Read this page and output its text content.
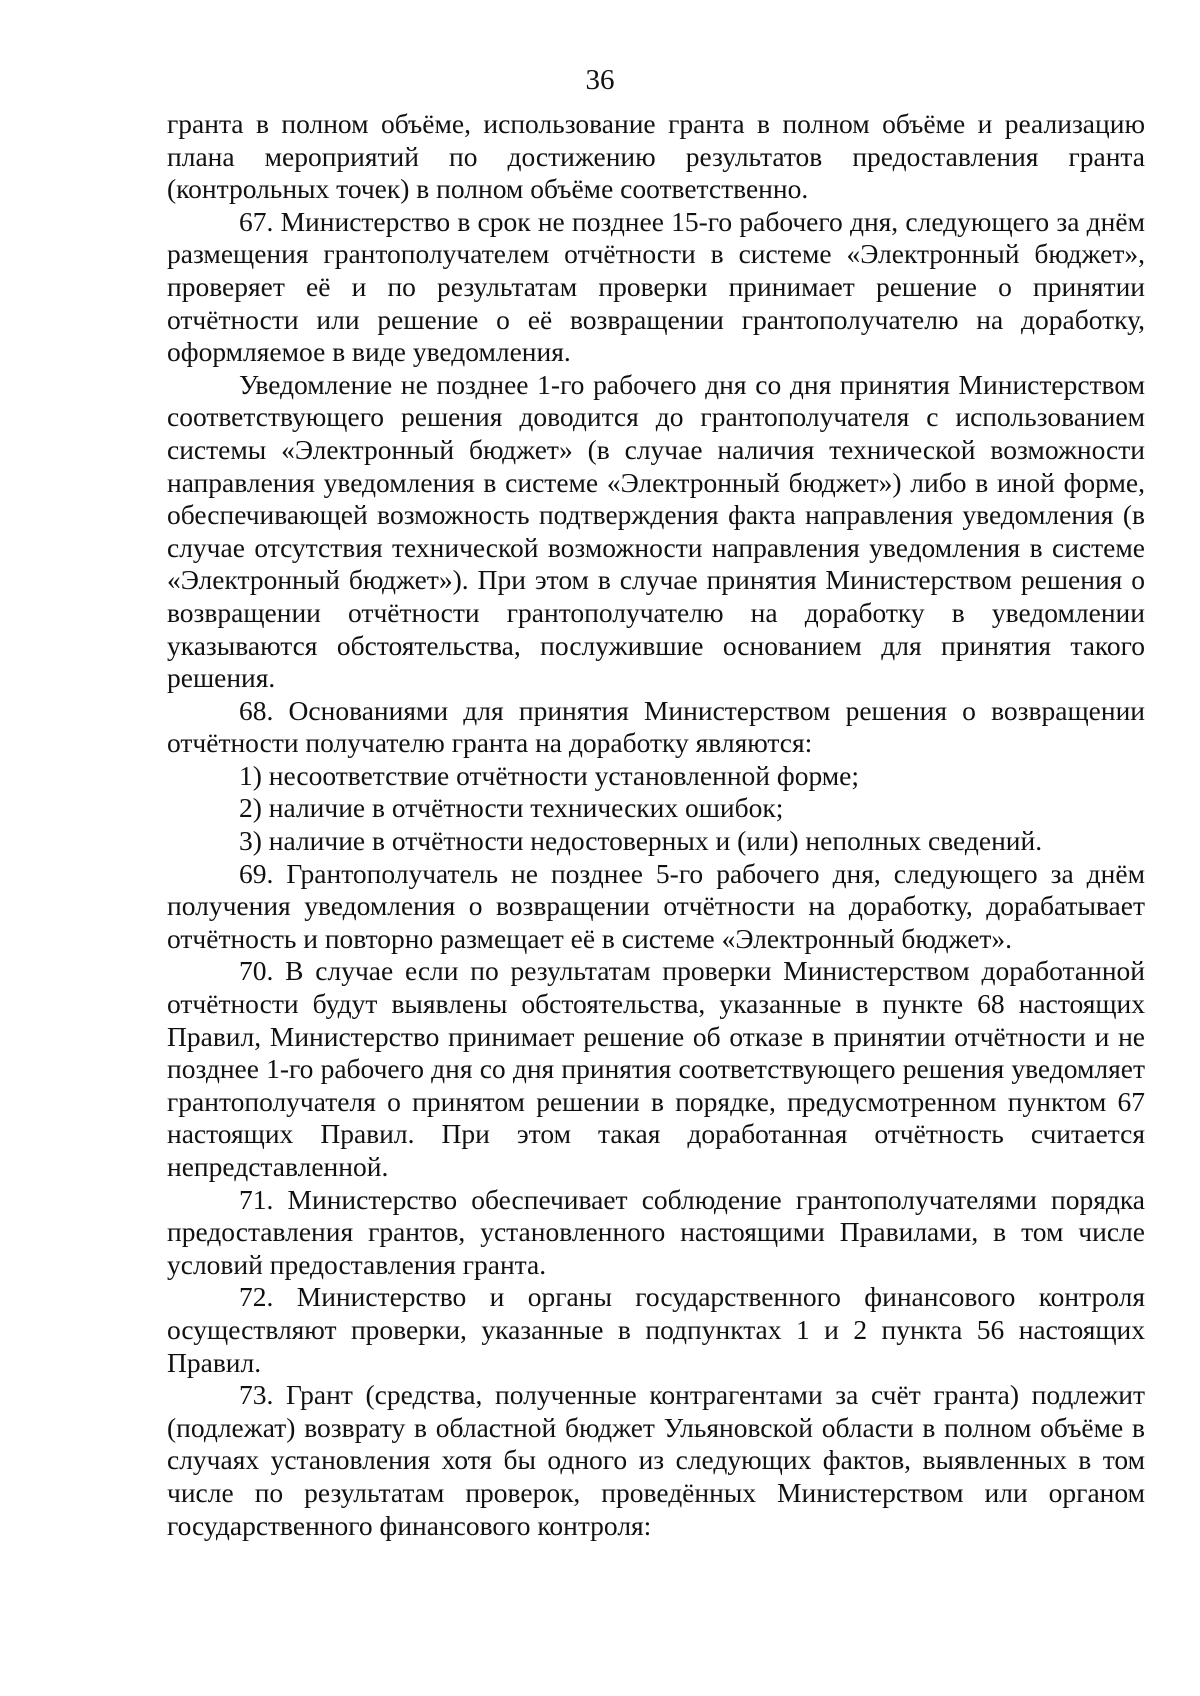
36

гранта в полном объёме, использование гранта в полном объёме и реализацию плана мероприятий по достижению результатов предоставления гранта (контрольных точек) в полном объёме соответственно.

67. Министерство в срок не позднее 15-го рабочего дня, следующего за днём размещения грантополучателем отчётности в системе «Электронный бюджет», проверяет её и по результатам проверки принимает решение о принятии отчётности или решение о её возвращении грантополучателю на доработку, оформляемое в виде уведомления.

Уведомление не позднее 1-го рабочего дня со дня принятия Министерством соответствующего решения доводится до грантополучателя с использованием системы «Электронный бюджет» (в случае наличия технической возможности направления уведомления в системе «Электронный бюджет») либо в иной форме, обеспечивающей возможность подтверждения факта направления уведомления (в случае отсутствия технической возможности направления уведомления в системе «Электронный бюджет»). При этом в случае принятия Министерством решения о возвращении отчётности грантополучателю на доработку в уведомлении указываются обстоятельства, послужившие основанием для принятия такого решения.

68. Основаниями для принятия Министерством решения о возвращении отчётности получателю гранта на доработку являются:

1) несоответствие отчётности установленной форме;

2) наличие в отчётности технических ошибок;

3) наличие в отчётности недостоверных и (или) неполных сведений.

69. Грантополучатель не позднее 5-го рабочего дня, следующего за днём получения уведомления о возвращении отчётности на доработку, дорабатывает отчётность и повторно размещает её в системе «Электронный бюджет».

70. В случае если по результатам проверки Министерством доработанной отчётности будут выявлены обстоятельства, указанные в пункте 68 настоящих Правил, Министерство принимает решение об отказе в принятии отчётности и не позднее 1-го рабочего дня со дня принятия соответствующего решения уведомляет грантополучателя о принятом решении в порядке, предусмотренном пунктом 67 настоящих Правил. При этом такая доработанная отчётность считается непредставленной.

71. Министерство обеспечивает соблюдение грантополучателями порядка предоставления грантов, установленного настоящими Правилами, в том числе условий предоставления гранта.

72. Министерство и органы государственного финансового контроля осуществляют проверки, указанные в подпунктах 1 и 2 пункта 56 настоящих Правил.

73. Грант (средства, полученные контрагентами за счёт гранта) подлежит (подлежат) возврату в областной бюджет Ульяновской области в полном объёме в случаях установления хотя бы одного из следующих фактов, выявленных в том числе по результатам проверок, проведённых Министерством или органом государственного финансового контроля:
